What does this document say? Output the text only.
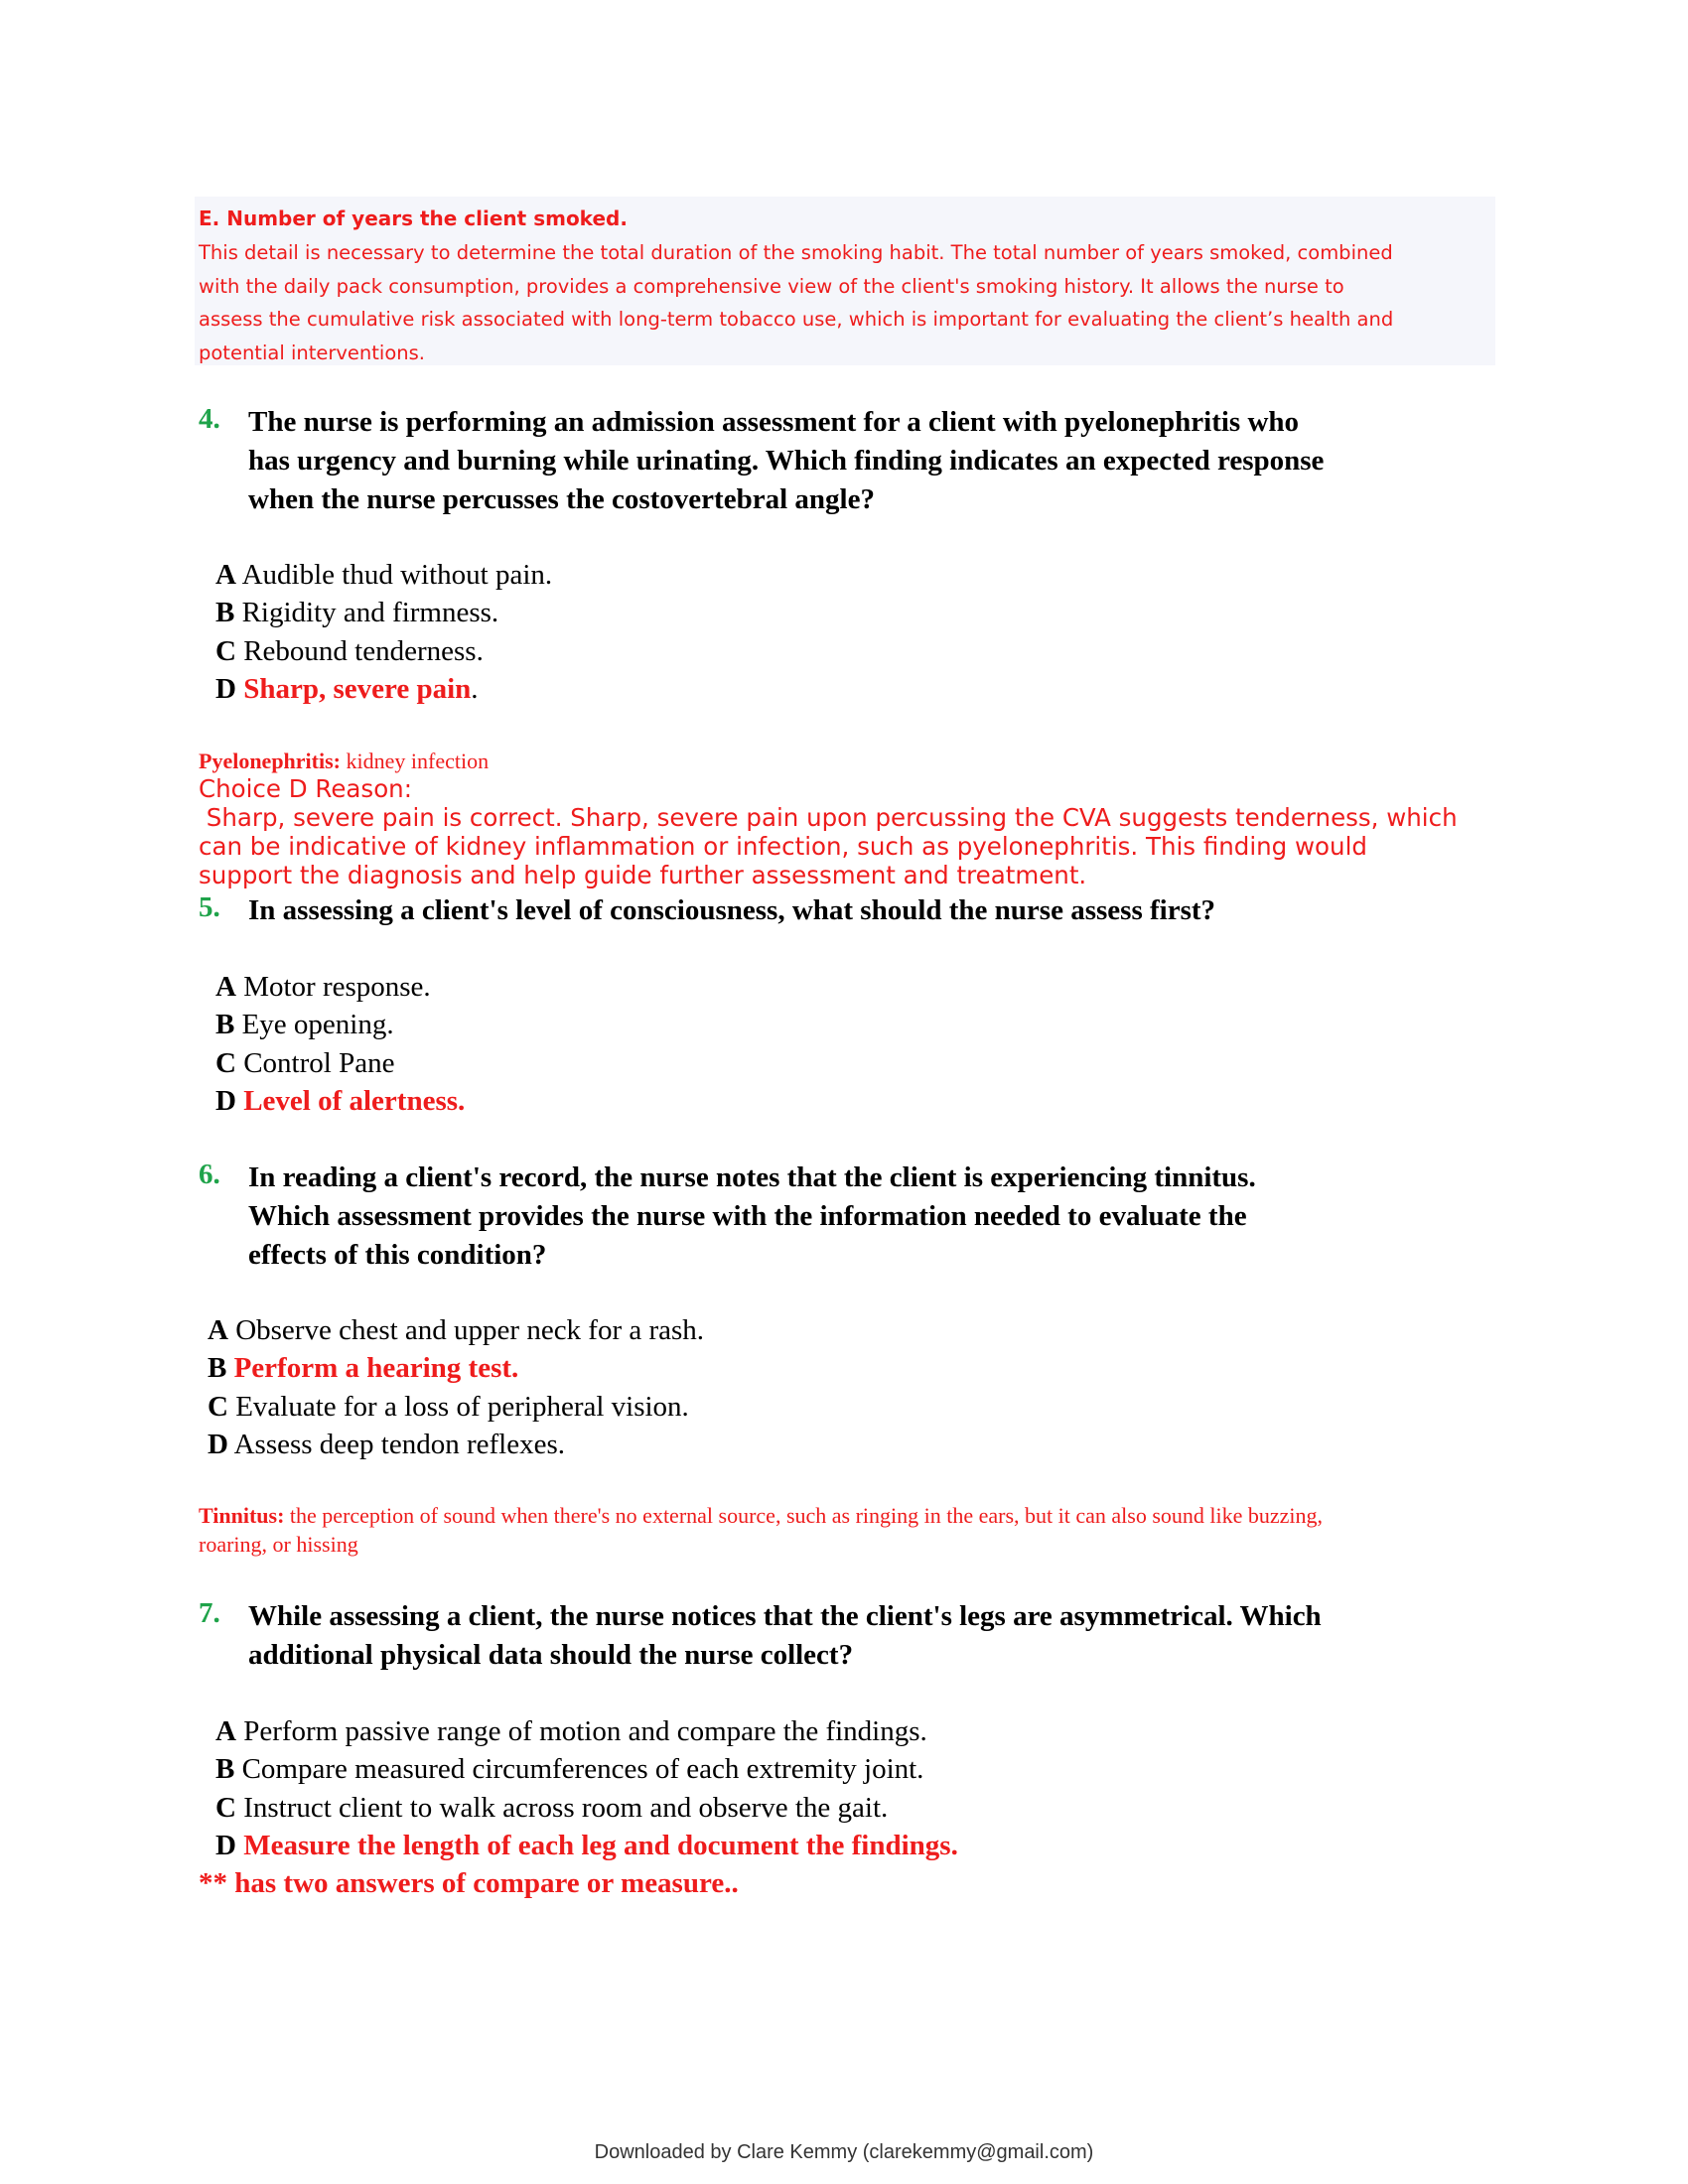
E. Number of years the client smoked.
This detail is necessary to determine the total duration of the smoking habit. The total number of years smoked, combined
with the daily pack consumption, provides a comprehensive view of the client's smoking history. It allows the nurse to
assess the cumulative risk associated with long-term tobacco use, which is important for evaluating the client’s health and
potential interventions.
4. The nurse is performing an admission assessment for a client with pyelonephritis who
has urgency and burning while urinating. Which finding indicates an expected response
when the nurse percusses the costovertebral angle?
A Audible thud without pain.
B Rigidity and firmness.
C Rebound tenderness.
D Sharp, severe pain.
Pyelonephritis: kidney infection
Choice D Reason:
Sharp, severe pain is correct. Sharp, severe pain upon percussing the CVA suggests tenderness, which
can be indicative of kidney inflammation or infection, such as pyelonephritis. This finding would
support the diagnosis and help guide further assessment and treatment.
5. In assessing a client's level of consciousness, what should the nurse assess first?
A Motor response.
B Eye opening.
C Control Pane
D Level of alertness.
6. In reading a client's record, the nurse notes that the client is experiencing tinnitus.
Which assessment provides the nurse with the information needed to evaluate the
effects of this condition?
A Observe chest and upper neck for a rash.
B Perform a hearing test.
C Evaluate for a loss of peripheral vision.
D Assess deep tendon reflexes.
Tinnitus: the perception of sound when there's no external source, such as ringing in the ears, but it can also sound like buzzing,
roaring, or hissing
7. While assessing a client, the nurse notices that the client's legs are asymmetrical. Which
additional physical data should the nurse collect?
A Perform passive range of motion and compare the findings.
B Compare measured circumferences of each extremity joint.
C Instruct client to walk across room and observe the gait.
D Measure the length of each leg and document the findings.
** has two answers of compare or measure..
Downloaded by Clare Kemmy (clarekemmy@gmail.com)
